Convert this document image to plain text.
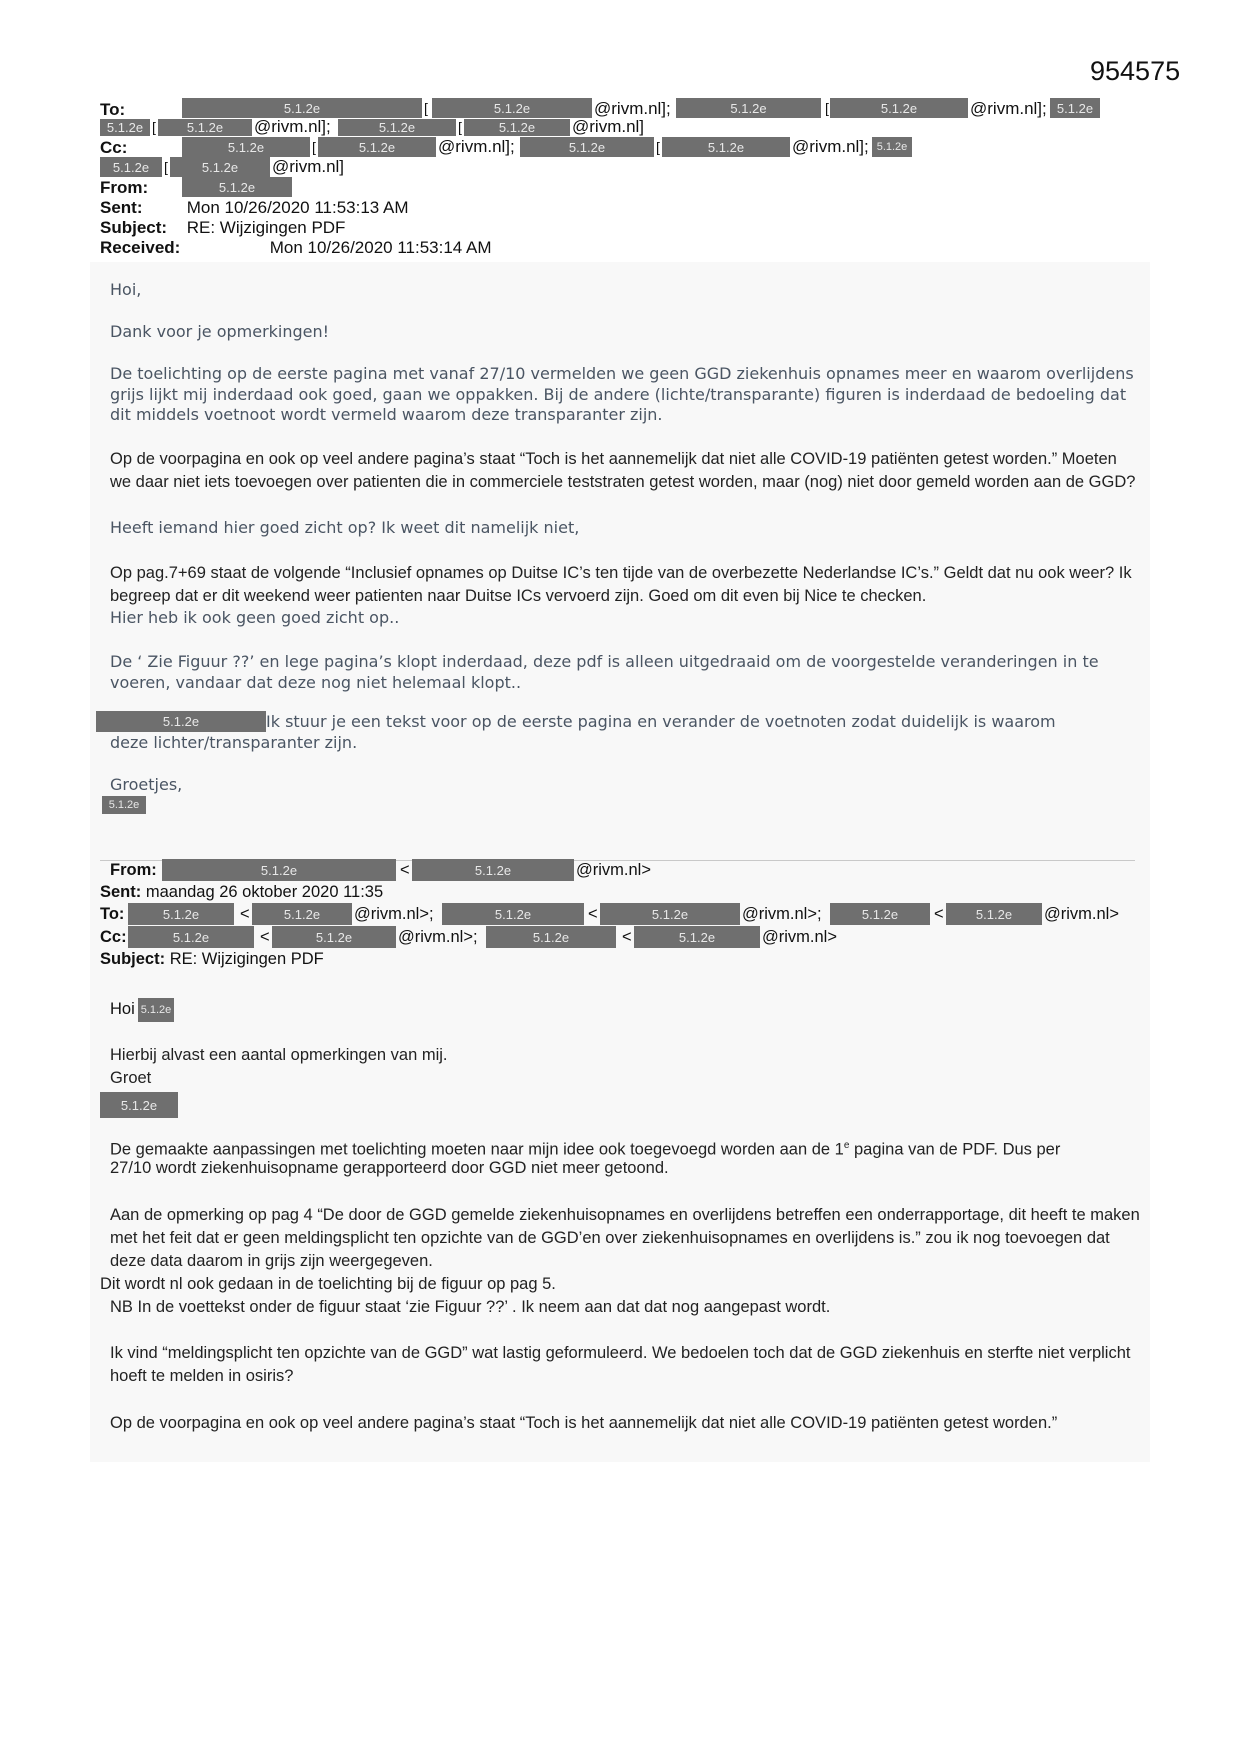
954575
To:	5.1.2e	[	5.1.2e	@rivm.nl];	5.1.2e	[	5.1.2e	@rivm.nl]; 5.1.2e
5.1.2e [	5.1.2e	@rivm.nl];	5.1.2e	[	5.1.2e	@rivm.nl]
Cc:	5.1.2e	[	5.1.2e	@rivm.nl];	5.1.2e	[	5.1.2e	@rivm.nl]; 5.1.2e
5.1.2e	[	5.1.2e	@rivm.nl]
From:	5.1.2e
Sent:	Mon 10/26/2020 11:53:13 AM
Subject: RE: Wijzigingen PDF
Received:	Mon 10/26/2020 11:53:14 AM
Hoi,
Dank voor je opmerkingen!
De toelichting op de eerste pagina met vanaf 27/10 vermelden we geen GGD ziekenhuis opnames meer en waarom overlijdens grijs lijkt mij inderdaad ook goed, gaan we oppakken. Bij de andere (lichte/transparante) figuren is inderdaad de bedoeling dat dit middels voetnoot wordt vermeld waarom deze transparanter zijn.
Op de voorpagina en ook op veel andere pagina’s staat “Toch is het aannemelijk dat niet alle COVID-19 patiënten getest worden.” Moeten we daar niet iets toevoegen over patienten die in commerciele teststraten getest worden, maar (nog) niet door gemeld worden aan de GGD?
Heeft iemand hier goed zicht op? Ik weet dit namelijk niet,
Op pag.7+69 staat de volgende “Inclusief opnames op Duitse IC’s ten tijde van de overbezette Nederlandse IC’s.” Geldt dat nu ook weer? Ik begreep dat er dit weekend weer patienten naar Duitse ICs vervoerd zijn. Goed om dit even bij Nice te checken.
Hier heb ik ook geen goed zicht op..
De ‘ Zie Figuur ??’ en lege pagina’s klopt inderdaad, deze pdf is alleen uitgedraaid om de voorgestelde veranderingen in te voeren, vandaar dat deze nog niet helemaal klopt..
5.1.2e	Ik stuur je een tekst voor op de eerste pagina en verander de voetnoten zodat duidelijk is waarom
deze lichter/transparanter zijn.
Groetjes,
5.1.2e
From:	5.1.2e	<	5.1.2e	@rivm.nl>
Sent: maandag 26 oktober 2020 11:35
To:	5.1.2e	<	5.1.2e	@rivm.nl>;	5.1.2e	<	5.1.2e	@rivm.nl>;	5.1.2e	<	5.1.2e	@rivm.nl>
Cc:	5.1.2e	<	5.1.2e	@rivm.nl>;	5.1.2e	<	5.1.2e	@rivm.nl>
Subject: RE: Wijzigingen PDF
Hoi 5.1.2e
Hierbij alvast een aantal opmerkingen van mij.
Groet
5.1.2e
De gemaakte aanpassingen met toelichting moeten naar mijn idee ook toegevoegd worden aan de 1e pagina van de PDF. Dus per
27/10 wordt ziekenhuisopname gerapporteerd door GGD niet meer getoond.
Aan de opmerking op pag 4 “De door de GGD gemelde ziekenhuisopnames en overlijdens betreffen een onderrapportage, dit heeft te maken met het feit dat er geen meldingsplicht ten opzichte van de GGD’en over ziekenhuisopnames en overlijdens is.” zou ik nog toevoegen dat deze data daarom in grijs zijn weergegeven.
Dit wordt nl ook gedaan in de toelichting bij de figuur op pag 5.
NB In de voettekst onder de figuur staat ‘zie Figuur ??’ . Ik neem aan dat dat nog aangepast wordt.
Ik vind “meldingsplicht ten opzichte van de GGD” wat lastig geformuleerd. We bedoelen toch dat de GGD ziekenhuis en sterfte niet verplicht hoeft te melden in osiris?
Op de voorpagina en ook op veel andere pagina’s staat “Toch is het aannemelijk dat niet alle COVID-19 patiënten getest worden.”
